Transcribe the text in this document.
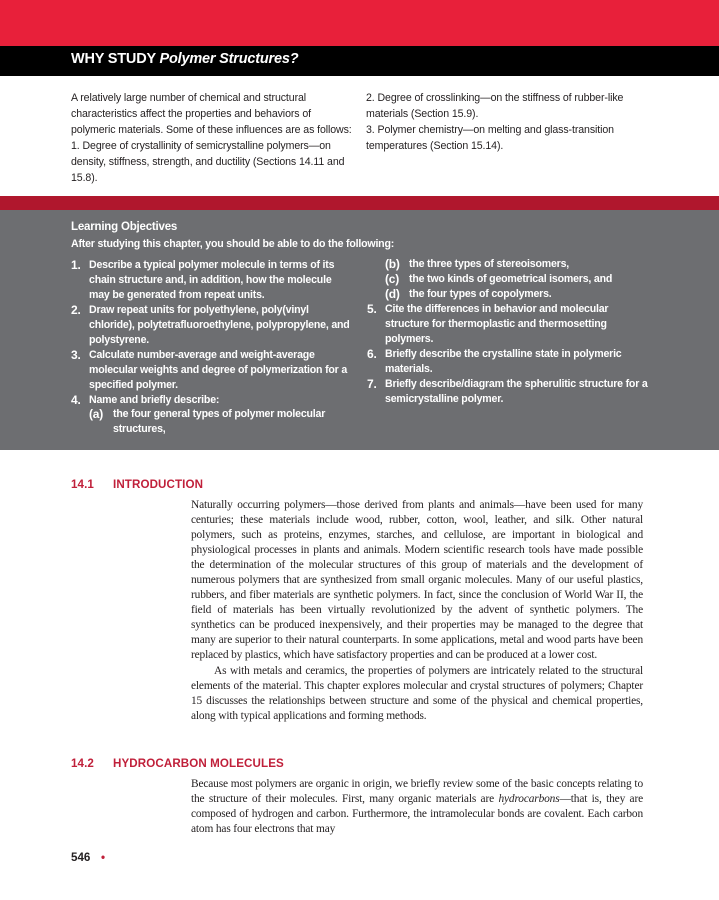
WHY STUDY Polymer Structures?

A relatively large number of chemical and structural characteristics affect the properties and behaviors of polymeric materials. Some of these influences are as follows: 1. Degree of crystallinity of semicrystalline polymers—on density, stiffness, strength, and ductility (Sections 14.11 and 15.8).

2. Degree of crosslinking—on the stiffness of rubber-like materials (Section 15.9).

3. Polymer chemistry—on melting and glass-transition temperatures (Section 15.14).

Learning Objectives
After studying this chapter, you should be able to do the following:
1. Describe a typical polymer molecule in terms of its chain structure and, in addition, how the molecule may be generated from repeat units.
2. Draw repeat units for polyethylene, poly(vinyl chloride), polytetrafluoroethylene, polypropylene, and polystyrene.
3. Calculate number-average and weight-average molecular weights and degree of polymerization for a specified polymer.
4. Name and briefly describe:
(a) the four general types of polymer molecular structures,
(b) the three types of stereoisomers,
(c) the two kinds of geometrical isomers, and
(d) the four types of copolymers.
5. Cite the differences in behavior and molecular structure for thermoplastic and thermosetting polymers.
6. Briefly describe the crystalline state in polymeric materials.
7. Briefly describe/diagram the spherulitic structure for a semicrystalline polymer.
14.1 INTRODUCTION

Naturally occurring polymers—those derived from plants and animals—have been used for many centuries; these materials include wood, rubber, cotton, wool, leather, and silk. Other natural polymers, such as proteins, enzymes, starches, and cellulose, are important in biological and physiological processes in plants and animals. Modern scientific research tools have made possible the determination of the molecular structures of this group of materials and the development of numerous polymers that are synthesized from small organic molecules. Many of our useful plastics, rubbers, and fiber materials are synthetic polymers. In fact, since the conclusion of World War II, the field of materials has been virtually revolutionized by the advent of synthetic polymers. The synthetics can be produced inexpensively, and their properties may be managed to the degree that many are superior to their natural counterparts. In some applications, metal and wood parts have been replaced by plastics, which have satisfactory properties and can be produced at a lower cost.

As with metals and ceramics, the properties of polymers are intricately related to the structural elements of the material. This chapter explores molecular and crystal structures of polymers; Chapter 15 discusses the relationships between structure and some of the physical and chemical properties, along with typical applications and forming methods.

14.2 HYDROCARBON MOLECULES

Because most polymers are organic in origin, we briefly review some of the basic concepts relating to the structure of their molecules. First, many organic materials are hydrocarbons—that is, they are composed of hydrogen and carbon. Furthermore, the intramolecular bonds are covalent. Each carbon atom has four electrons that may

546 •
